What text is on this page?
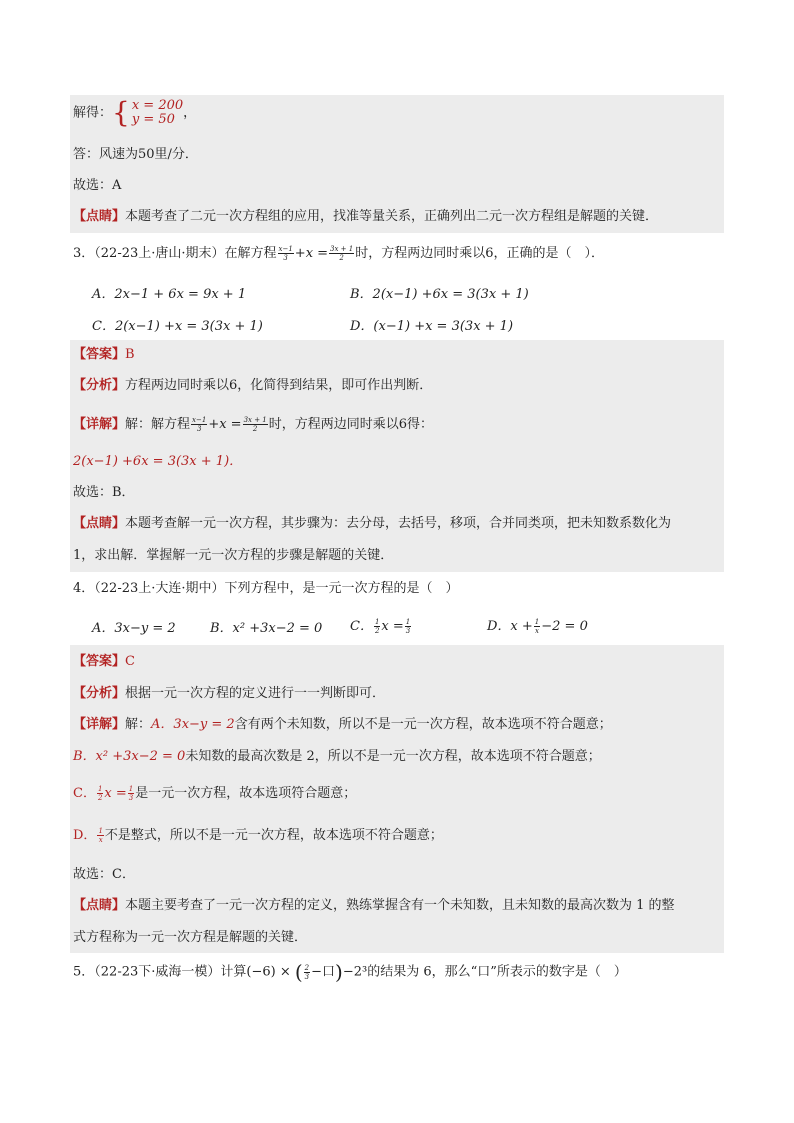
解得：{ x = 200
y = 50 ，
答：风速为50里/分．
故选：A
【点睛】本题考查了二元一次方程组的应用，找准等量关系，正确列出二元一次方程组是解题的关键．
3．（22-23上·唐山·期末）在解方程 $\frac{x-1}{3} +x = \frac{3x + 1}{2}$ 时，方程两边同时乘以6，正确的是（　）．
A．2x−1 + 6x = 9x + 1	B．2(x−1) +6x = 3(3x + 1)
C．2(x−1) +x = 3(3x + 1)	D．(x−1) +x = 3(3x + 1)
【答案】B
【分析】方程两边同时乘以6，化简得到结果，即可作出判断．
【详解】解：解方程 $\frac{x-1}{3} +x = \frac{3x + 1}{2}$ 时，方程两边同时乘以6得：
2(x−1) +6x = 3(3x + 1)．
故选：B．
【点睛】本题考查解一元一次方程，其步骤为：去分母，去括号，移项，合并同类项，把未知数系数化为
1，求出解．掌握解一元一次方程的步骤是解题的关键．
4．（22-23上·大连·期中）下列方程中，是一元一次方程的是（　）
A．3x−y = 2	B．x² +3x−2 = 0 C． $\frac{1}{2}$ $x = \frac{1}{3}$	D．$x + \frac{1}{x} -2 = 0$
【答案】C
【分析】根据一元一次方程的定义进行一一判断即可．
【详解】解：A．3x−y = 2含有两个未知数，所以不是一元一次方程，故本选项不符合题意；
B．x² +3x−2 = 0未知数的最高次数是 2，所以不是一元一次方程，故本选项不符合题意；
C． $\frac{1}{2}$ $x = \frac{1}{3}$ 是一元一次方程，故本选项符合题意；
D． $\frac{1}{x}$ 不是整式，所以不是一元一次方程，故本选项不符合题意；
故选：C．
【点睛】本题主要考查了一元一次方程的定义，熟练掌握含有一个未知数，且未知数的最高次数为 1 的整
式方程称为一元一次方程是解题的关键．
5．（22-23下·威海一模）计算(−6) × ( $\frac{2}{3}$ −口)−2³的结果为 6，那么“口”所表示的数字是（　）
